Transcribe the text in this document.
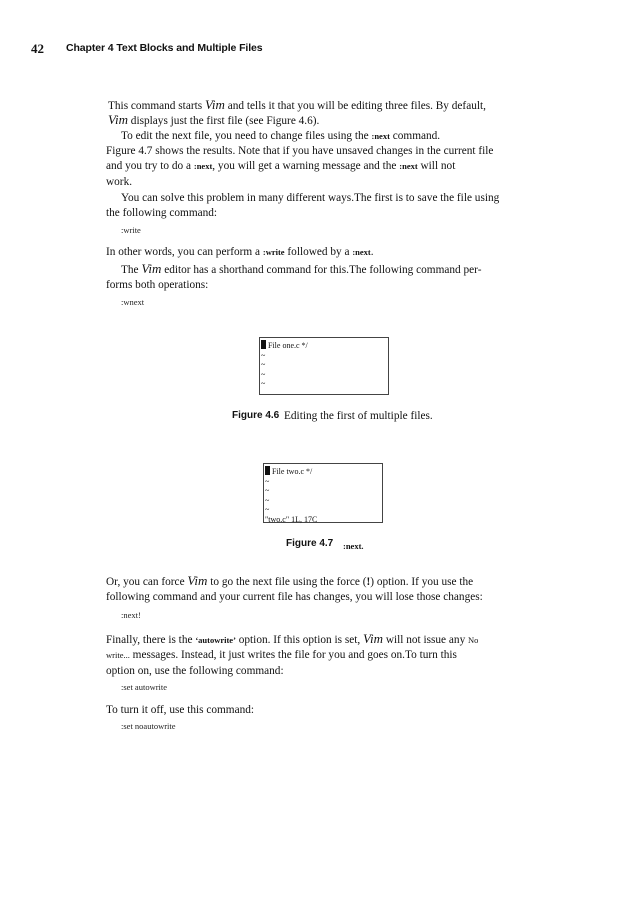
42 Chapter 4 Text Blocks and Multiple Files
This command starts Vim and tells it that you will be editing three files. By default,
Vim displays just the first file (see Figure 4.6).
To edit the next file, you need to change files using the :next command.
Figure 4.7 shows the results. Note that if you have unsaved changes in the current file
and you try to do a :next, you will get a warning message and the :next will not
work.
You can solve this problem in many different ways.The first is to save the file using
the following command:
:write
In other words, you can perform a :write followed by a :next.
The Vim editor has a shorthand command for this.The following command per-
forms both operations:
:wnext
File one.c */
~
~
~
~
Figure 4.6 Editing the first of multiple files.
File two.c */
~
~
~
~
"two.c" 1L, 17C
Figure 4.7 :next.
Or, you can force Vim to go the next file using the force (!) option. If you use the
following command and your current file has changes, you will lose those changes:
:next!
Finally, there is the ‘autowrite’ option. If this option is set, Vim will not issue any No
write... messages. Instead, it just writes the file for you and goes on.To turn this
option on, use the following command:
:set autowrite
To turn it off, use this command:
:set noautowrite
